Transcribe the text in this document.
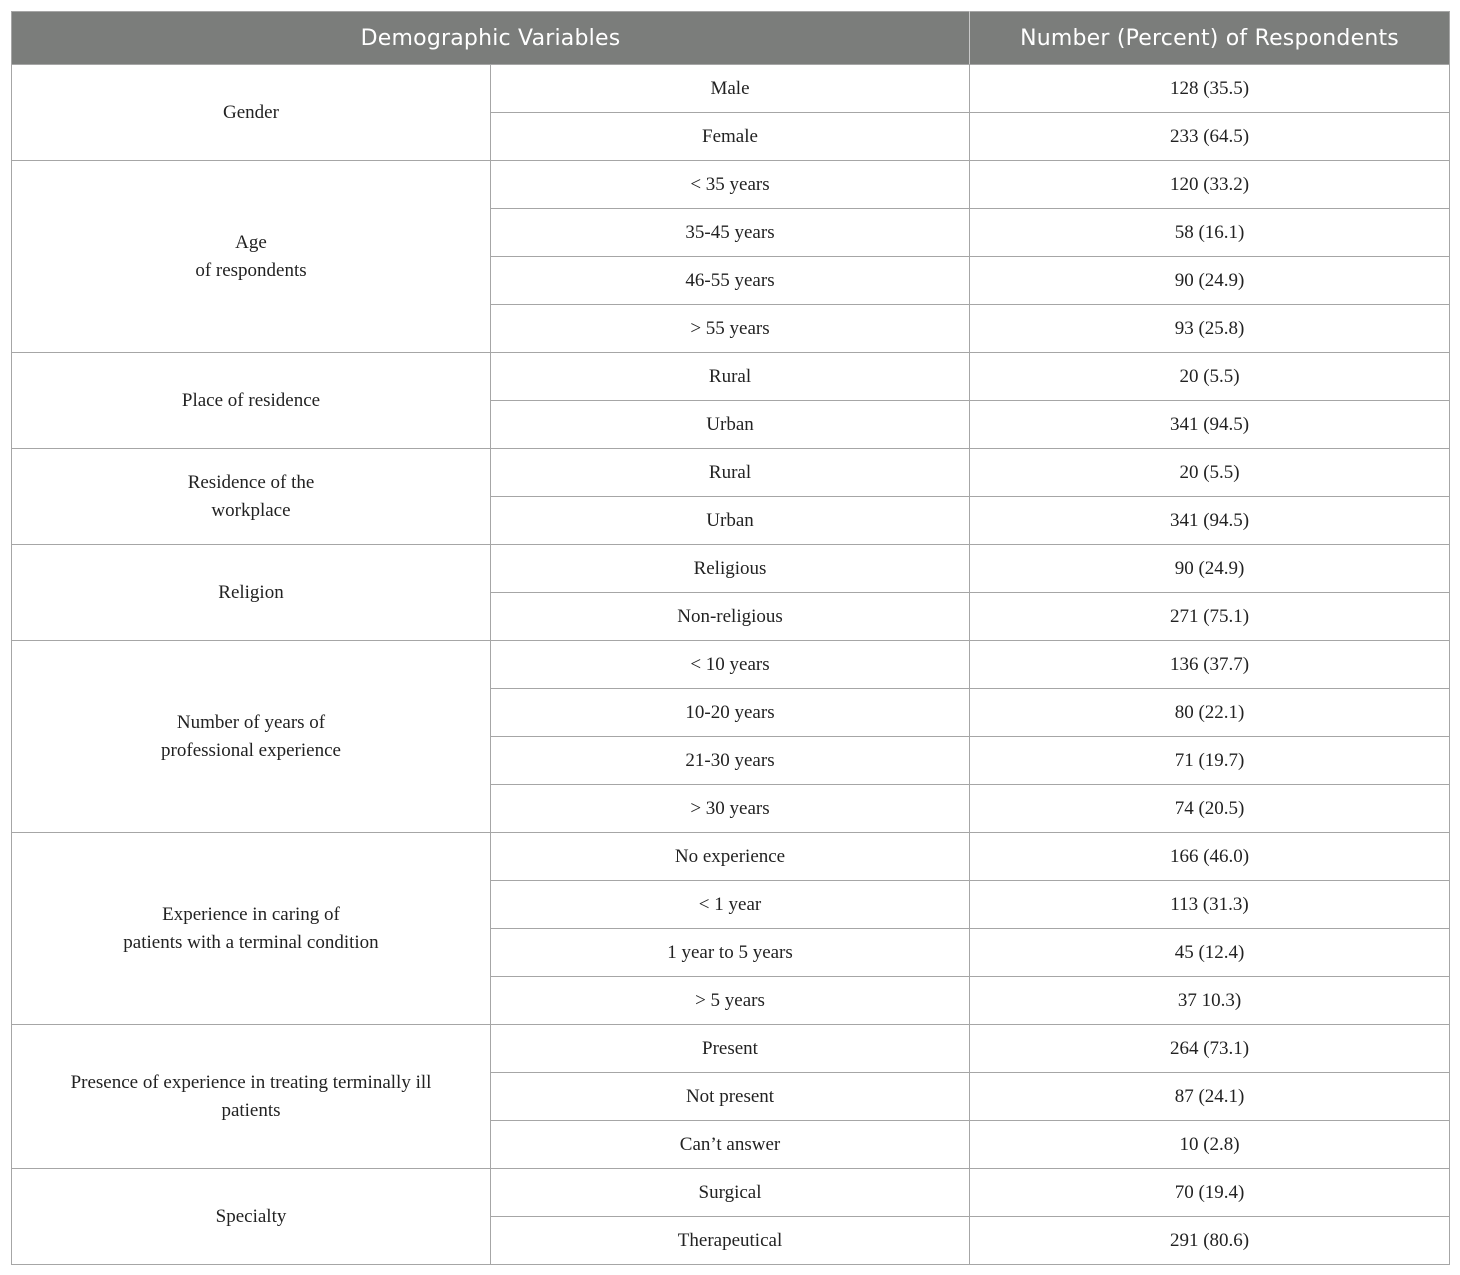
Demographic Variables		Number (Percent) of Respondents
Gender	Male	128 (35.5)
	Female	233 (64.5)
Age
of respondents	< 35 years	120 (33.2)
	35-45 years	58 (16.1)
	46-55 years	90 (24.9)
	> 55 years	93 (25.8)
Place of residence	Rural	20 (5.5)
	Urban	341 (94.5)
Residence of the
workplace	Rural	20 (5.5)
	Urban	341 (94.5)
Religion	Religious	90 (24.9)
	Non-religious	271 (75.1)
Number of years of
professional experience	< 10 years	136 (37.7)
	10-20 years	80 (22.1)
	21-30 years	71 (19.7)
	> 30 years	74 (20.5)
Experience in caring of
patients with a terminal condition	No experience	166 (46.0)
	< 1 year	113 (31.3)
	1 year to 5 years	45 (12.4)
	> 5 years	37 10.3)
Presence of experience in treating terminally ill
patients	Present	264 (73.1)
	Not present	87 (24.1)
	Can’t answer	10 (2.8)
Specialty	Surgical	70 (19.4)
	Therapeutical	291 (80.6)
